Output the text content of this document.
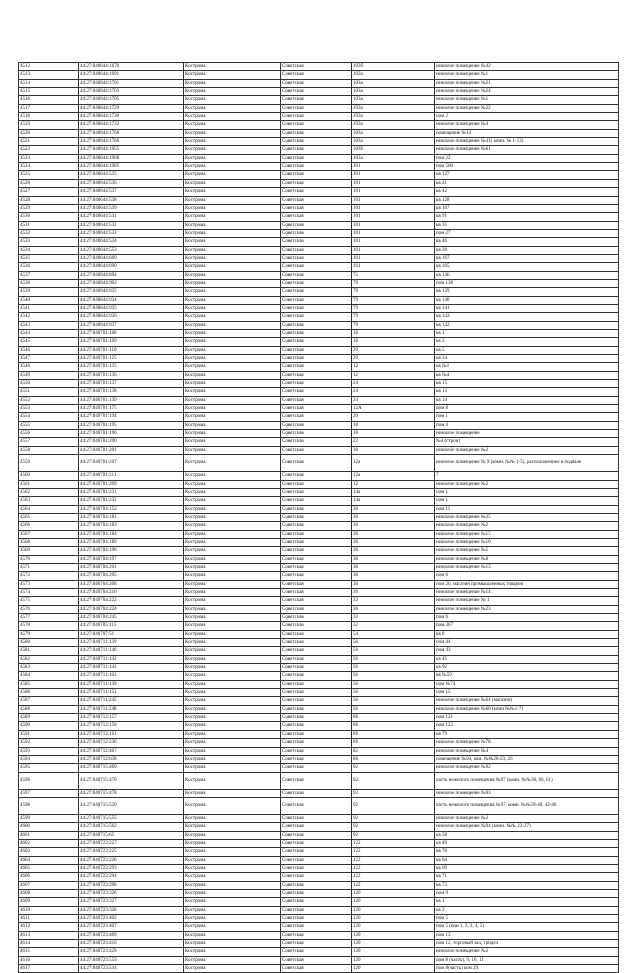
4512	44:27:040644:1670	Кострома	Советская	103б	нежилое помещение №42
4513	44:27:040644:1691	Кострома	Советская	103а	нежилое помещение №1
4514	44:27:040644:1701	Кострома	Советская	103а	нежилое помещение №21
4515	44:27:040644:1703	Кострома	Советская	103а	нежилое помещение №24
4516	44:27:040644:1705	Кострома	Советская	103а	нежилое помещение №1
4517	44:27:040644:1729	Кострома	Советская	103а	нежилое помещение №22
4518	44:27:040644:1730	Кострома	Советская	103а	пом 2
4519	44:27:040644:1732	Кострома	Советская	103а	нежилое помещение №4
4520	44:27:040644:1768	Кострома	Советская	103а	помещение №14
4521	44:27:040644:1766	Кострома	Советская	103а	нежилое помещение №41( комн. № 1-12)
4522	44:27:040644:1955	Кострома	Советская	103б	нежилое помещение №61
4523	44:27:040644:1968	Кострома	Советская	103а	пом 22
4524	44:27:040644:1985	Кострома	Советская	101	пом 500
4525	44:27:040644:535	Кострома	Советская	101	кв 127
4526	44:27:040644:536	Кострома	Советская	101	кв 41
4527	44:27:040644:537	Кострома	Советская	101	кв 42
4528	44:27:040644:538	Кострома	Советская	101	кв 128
4529	44:27:040644:539	Кострома	Советская	101	кв 167
4530	44:27:040644:531	Кострома	Советская	101	кв 91
4531	44:27:040644:532	Кострома	Советская	101	кв 35
4532	44:27:040644:533	Кострома	Советская	101	пом 27
4533	44:27:040644:534	Кострома	Советская	101	кв 40
4534	44:27:040644:553	Кострома	Советская	101	кв 28
4535	44:27:040644:669	Кострома	Советская	101	кв 167
4536	44:27:040644:690	Кострома	Советская	101	кв 105
4537	44:27:040644:864	Кострома	Советская	75	кв 146
4538	44:27:040644:902	Кострома	Советская	79	пом 138
4539	44:27:040644:935	Кострома	Советская	79	кв 139
4540	44:27:040644:934	Кострома	Советская	79	кв 140
4541	44:27:040644:935	Кострома	Советская	79	кв 141
4542	44:27:040644:936	Кострома	Советская	79	кв 143
4543	44:27:040644:937	Кострома	Советская	79	кв 142
4544	44:27:040701:108	Кострома	Советская	18	кв 1
4545	44:27:040701:109	Кострома	Советская	18	кв 2
4546	44:27:040701:110	Кострома	Советская	20	кв 5
4547	44:27:040701:125	Кострома	Советская	20	кв 14
4548	44:27:040701:135	Кострома	Советская	12	кв №1
4549	44:27:040701:136	Кострома	Советская	12	кв №4
4550	44:27:040701:137	Кострома	Советская	24	кв 15
4551	44:27:040701:138	Кострома	Советская	24	кв 13
4552	44:27:040701:139	Кострома	Советская	24	кв 14
4553	44:27:040701:175	Кострома	Советская	12А	пом 8
4554	44:27:040701:194	Кострома	Советская	20	пом 1
4555	44:27:040701:195	Кострома	Советская	18	пом 4
4556	44:27:040701:196	Кострома	Советская	18	нежилое помещение
4557	44:27:040701:200	Кострома	Советская	22	№4 (строи)
4558	44:27:040701:201	Кострома	Советская	18	нежилое помещение №2
4559	44:27:040701:207	Кострома	Советская	12а	нежилое помещение № 9 (комн. №№ 1-5), расположенное в подвале
4560	44:27:040701:211	Кострома	Советская	12а	7
4561	44:27:040701:209	Кострома	Советская	12	нежилое помещение №2
4562	44:27:040701:231	Кострома	Советская	14а	пом 1
4563	44:27:040701:232	Кострома	Советская	14а	пом 1
4564	44:27:040704:152	Кострома	Советская	38	пом 11
4565	44:27:040704:181	Кострома	Советская	36	нежилое помещение №35
4566	44:27:040704:183	Кострома	Советская	36	нежилое помещение №2
4567	44:27:040704:184	Кострома	Советская	36	нежилое помещение №15
4568	44:27:040704:189	Кострома	Советская	36	нежилое помещение №10
4569	44:27:040704:196	Кострома	Советская	36	нежилое помещение №5
4570	44:27:040704:197	Кострома	Советская	36	нежилое помещение №8
4571	44:27:040704:201	Кострома	Советская	36	нежилое помещение №13
4572	44:27:040704:205	Кострома	Советская	36	пом 6
4573	44:27:040704:208	Кострома	Советская	36	пом 26, магазин промышленных товаров
4574	44:27:040704:210	Кострома	Советская	36	нежилое помещение №14
4575	44:27:040704:222	Кострома	Советская	32	нежилое помещение № 1
4576	44:27:040704:224	Кострома	Советская	36	нежилое помещение №23
4577	44:27:040704:245	Кострома	Советская	32	пом 6
4578	44:27:040705:115	Кострома	Советская	32	пом.367
4579	44:27:040707:51	Кострома	Советская	54	кв 8
4580	44:27:040711:139	Кострома	Советская	56	пом 44
4581	44:27:040711:140	Кострома	Советская	56	пом 43
4582	44:27:040711:142	Кострома	Советская	56	кв 45
4583	44:27:040711:143	Кострома	Советская	56	кв 92
4584	44:27:040711:163	Кострома	Советская	56	кв №59
4585	44:27:040711:149	Кострома	Советская	56	пом №74
4586	44:27:040711:151	Кострома	Советская	56	пом 15
4587	44:27:040711:245	Кострома	Советская	56	нежилое помещение №64 (магазин)
4588	44:27:040711:248	Кострома	Советская	56	нежилое помещение №60 (комн №№1-7)
4589	44:27:040712:157	Кострома	Советская	86	пом 121
4590	44:27:040712:158	Кострома	Советская	86	пом 122
4591	44:27:040712:161	Кострома	Советская	86	кв 79
4592	44:27:040712:236	Кострома	Советская	86	нежилое помещение №78
4593	44:27:040712:467	Кострома	Советская	82	нежилое помещение №4
4594	44:27:040712:638	Кострома	Советская	86	помещение №94, ком. №№20-23, 26
4595	44:27:040715:469	Кострома	Советская	92	нежилое помещение №92
4596	44:27:040715:470	Кострома	Советская	92	часть нежилого помещения №97 (комн. №№38, 60, 61)
4597	44:27:040715:478	Кострома	Советская	92	нежилое помещение №93
4598	44:27:040715:520	Кострома	Советская	92	часть нежилого помещения №97, комн. №№59-40, 42-46
4599	44:27:040715:555	Кострома	Советская	92	нежилое помещение №2
4600	44:27:040715:562	Кострома	Советская	92	нежилое помещение №94 (комн. №№ 23-27)
4601	44:27:040715:65	Кострома	Советская	92	кв 58
4602	44:27:040723:227	Кострома	Советская	122	кв 49
4603	44:27:040723:225	Кострома	Советская	122	кв 70
4604	44:27:040723:226	Кострома	Советская	122	кв 64
4605	44:27:040723:293	Кострома	Советская	122	кв 69
4606	44:27:040723:294	Кострома	Советская	122	кв 71
4607	44:27:040723:298	Кострома	Советская	122	кв 72
4608	44:27:040723:326	Кострома	Советская	120	пом 9
4609	44:27:040723:327	Кострома	Советская	120	кв 1
4610	44:27:040723:328	Кострома	Советская	120	кв 2
4611	44:27:040723:402	Кострома	Советская	120	пом 5
4612	44:27:040723:407	Кострома	Советская	120	пом 5 (ком 1, 2, 3, 4, 5)
4613	44:27:040723:409	Кострома	Советская	120	пом 13
4614	44:27:040723:416	Кострома	Советская	120	пом 12, торговый зал, тридел
4615	44:27:040723:429	Кострома	Советская	120	нежилое помещение №2
4616	44:27:040723:553	Кострома	Советская	120	пом 8 (часть), 9, 10, 11
4617	44:27:040723:534	Кострома	Советская	120	пом 8(часть) ком 29
